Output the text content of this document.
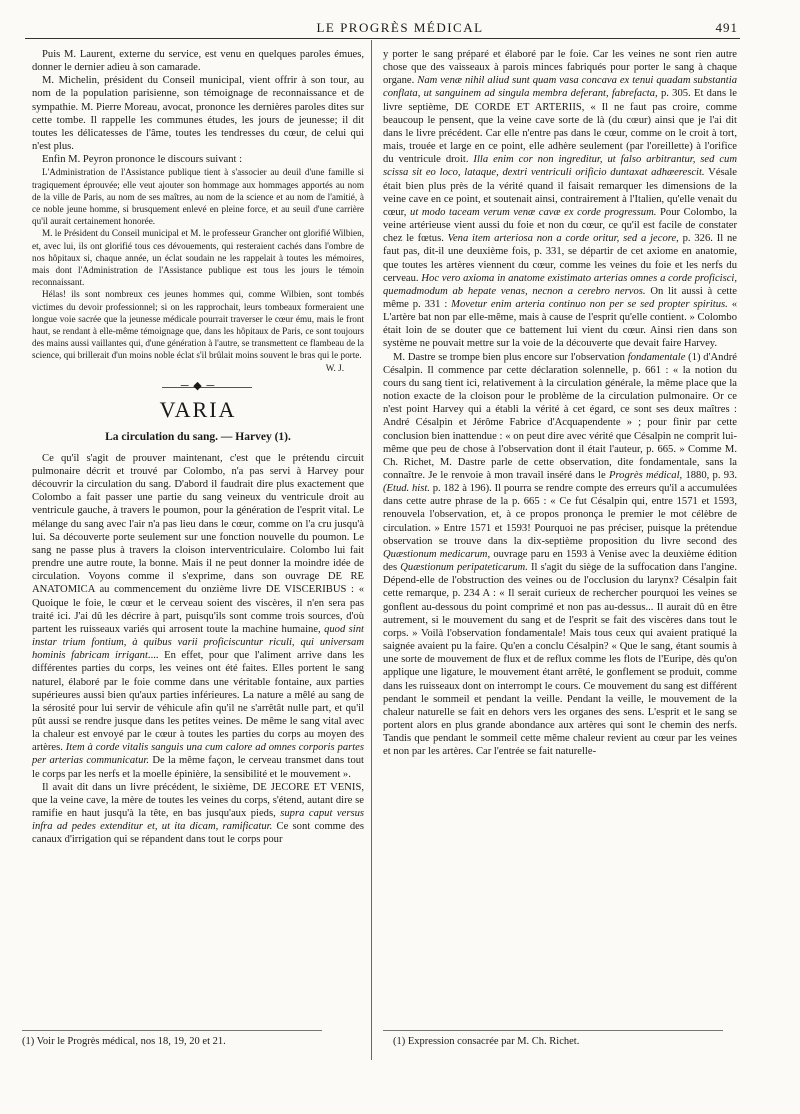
LE PROGRÈS MÉDICAL	491

Puis M. Laurent, externe du service, est venu en quelques paroles émues, donner le dernier adieu à son camarade.

M. Michelin, président du Conseil municipal, vient offrir à son tour, au nom de la population parisienne, son témoignage de reconnaissance et de sympathie. M. Pierre Moreau, avocat, prononce les dernières paroles dites sur cette tombe. Il rappelle les communes études, les jours de jeunesse; il dit toutes les délicatesses de l'âme, toutes les tendresses du cœur, de celui qui n'est plus.

Enfin M. Peyron prononce le discours suivant :

L'Administration de l'Assistance publique tient à s'associer au deuil d'une famille si tragiquement éprouvée; elle veut ajouter son hommage aux hommages apportés au nom de la ville de Paris, au nom de ses maîtres, au nom de la science et au nom de l'amitié, à ce noble jeune homme, si brusquement enlevé en pleine force, et au seuil d'une carrière qu'il aurait certainement honorée.

M. le Président du Conseil municipal et M. le professeur Grancher ont glorifié Wilbien, et, avec lui, ils ont glorifié tous ces dévouements, qui resteraient cachés dans l'ombre de nos hôpitaux si, chaque année, un éclat soudain ne les rappelait à toutes les mémoires, mais dont l'Administration de l'Assistance publique est tous les jours le témoin reconnaissant.

Hélas! ils sont nombreux ces jeunes hommes qui, comme Wilbien, sont tombés victimes du devoir professionnel; si on les rapprochait, leurs tombeaux formeraient une longue voie sacrée que la jeunesse médicale pourrait traverser le cœur ému, mais le front haut, se rendant à elle-même témoignage que, dans les hôpitaux de Paris, ce sont toujours des mains aussi vaillantes qui, d'une génération à l'autre, se transmettent ce flambeau de la science, qui brillerait d'un moins noble éclat s'il brûlait moins souvent le bras qui le porte.
W. J.

─ ◆ ─
VARIA
La circulation du sang. — Harvey (1).

Ce qu'il s'agit de prouver maintenant, c'est que le prétendu circuit pulmonaire décrit et trouvé par Colombo, n'a pas servi à Harvey pour découvrir la circulation du sang. D'abord il faudrait dire plus exactement que Colombo a fait passer une partie du sang veineux du ventricule droit au ventricule gauche, à travers le poumon, pour la génération de l'esprit vital. Le mélange du sang avec l'air n'a pas lieu dans le cœur, comme on l'a cru jusqu'à lui. Sa découverte porte seulement sur une fonction nouvelle du poumon. Le sang ne passe plus à travers la cloison interventriculaire. Colombo lui fait prendre une autre route, la bonne. Mais il ne peut donner la moindre idée de circulation. Voyons comme il s'exprime, dans son ouvrage DE RE ANATOMICA au commencement du onzième livre DE VISCERIBUS : « Quoique le foie, le cœur et le cerveau soient des viscères, il n'en sera pas traité ici. J'ai dû les décrire à part, puisqu'ils sont comme trois sources, d'où partent les ruisseaux variés qui arrosent toute la machine humaine, quod sint instar trium fontium, à quibus varii proficiscuntur riculi, qui universam hominis fabricam irrigant.... En effet, pour que l'aliment arrive dans les différentes parties du corps, les veines ont été faites. Elles portent le sang naturel, élaboré par le foie comme dans une véritable fontaine, aux parties supérieures aussi bien qu'aux parties inférieures. La nature a mêlé au sang de la sérosité pour lui servir de véhicule afin qu'il ne s'arrêtât nulle part, et qu'il pût aussi se rendre jusque dans les petites veines. De même le sang vital avec la chaleur est envoyé par le cœur à toutes les parties du corps au moyen des artères. Item à corde vitalis sanguis una cum calore ad omnes corporis partes per arterias communicatur. De la même façon, le cerveau transmet dans tout le corps par les nerfs et la moelle épinière, la sensibilité et le mouvement ».

Il avait dit dans un livre précédent, le sixième, DE JECORE ET VENIS, que la veine cave, la mère de toutes les veines du corps, s'étend, autant dire se ramifie en haut jusqu'à la tête, en bas jusqu'aux pieds, supra caput versus infra ad pedes extenditur et, ut ita dicam, ramificatur. Ce sont comme des canaux d'irrigation qui se répandent dans tout le corps pour

y porter le sang préparé et élaboré par le foie. Car les veines ne sont rien autre chose que des vaisseaux à parois minces fabriqués pour porter le sang à chaque organe. Nam venæ nihil aliud sunt quam vasa concava ex tenui quadam substantia conflata, ut sanguinem ad singula membra deferant, fabrefacta, p. 305. Et dans le livre septième, DE CORDE ET ARTERIIS, « Il ne faut pas croire, comme beaucoup le pensent, que la veine cave sorte de là (du cœur) ainsi que je l'ai dit dans le livre précédent. Car elle n'entre pas dans le cœur, comme on le croit à tort, mais, trouée et large en ce point, elle adhère seulement (par l'oreillette) à l'orifice du ventricule droit. Illa enim cor non ingreditur, ut falso arbitrantur, sed cum scissa sit eo loco, lataque, dextri ventriculi orificio duntaxat adhæerescit. Vésale était bien plus près de la vérité quand il faisait remarquer les dimensions de la veine cave en ce point, et soutenait ainsi, contrairement à l'Italien, qu'elle venait du cœur, ut modo taceam verum venæ cavæ ex corde progressum. Pour Colombo, la veine artérieuse vient aussi du foie et non du cœur, ce qu'il est facile de constater chez le fœtus. Vena item arteriosa non a corde oritur, sed a jecore, p. 326. Il ne faut pas, dit-il une deuxième fois, p. 331, se départir de cet axiome en anatomie, que toutes les artères viennent du cœur, comme les veines du foie et les nerfs du cerveau. Hoc vero axioma in anatome existimato arterias omnes a corde proficisci, quemadmodum ab hepate venas, necnon a cerebro nervos. On lit aussi à cette même p. 331 : Movetur enim arteria continuo non per se sed propter spiritus. « L'artère bat non par elle-même, mais à cause de l'esprit qu'elle contient. » Colombo était loin de se douter que ce battement lui vient du cœur. Ainsi rien dans son système ne pouvait mettre sur la voie de la découverte que devait faire Harvey.

M. Dastre se trompe bien plus encore sur l'observation fondamentale (1) d'André Césalpin. Il commence par cette déclaration solennelle, p. 661 : « la notion du cours du sang tient ici, relativement à la circulation générale, la même place que la notion exacte de la cloison pour le problème de la circulation pulmonaire. Or ce n'est point Harvey qui a établi la vérité à cet égard, ce sont ses deux maîtres : André Césalpin et Jérôme Fabrice d'Acquapendente » ; pour finir par cette conclusion bien inattendue : « on peut dire avec vérité que Césalpin ne comprit lui-même que peu de chose à l'observation dont il était l'auteur, p. 665. » Comme M. Ch. Richet, M. Dastre parle de cette observation, dite fondamentale, sans la connaître. Je le renvoie à mon travail inséré dans le Progrès médical, 1880, p. 93. (Etud. hist. p. 182 à 196). Il pourra se rendre compte des erreurs qu'il a accumulées dans cette autre phrase de la p. 665 : « Ce fut Césalpin qui, entre 1571 et 1593, renouvela l'observation, et, à ce propos prononça le premier le mot célèbre de circulation. » Entre 1571 et 1593! Pourquoi ne pas préciser, puisque la prétendue observation se trouve dans la dix-septième proposition du livre second des Quæstionum medicarum, ouvrage paru en 1593 à Venise avec la deuxième édition des Quæstionum peripateticarum. Il s'agit du siège de la suffocation dans l'angine. Dépend-elle de l'obstruction des veines ou de l'occlusion du larynx? Césalpin fait cette remarque, p. 234 A : « Il serait curieux de rechercher pourquoi les veines se gonflent au-dessous du point comprimé et non pas au-dessus... Il aurait dû en être autrement, si le mouvement du sang et de l'esprit se fait des viscères dans tout le corps. » Voilà l'observation fondamentale! Mais tous ceux qui avaient pratiqué la saignée avaient pu la faire. Qu'en a conclu Césalpin? « Que le sang, étant soumis à une sorte de mouvement de flux et de reflux comme les flots de l'Euripe, dès qu'on applique une ligature, le mouvement étant arrêté, le gonflement se produit, comme dans les ruisseaux dont on interrompt le cours. Ce mouvement du sang est différent pendant le sommeil et pendant la veille. Pendant la veille, le mouvement de la chaleur naturelle se fait en dehors vers les organes des sens. L'esprit et le sang se portent alors en plus grande abondance aux artères qui sont le chemin des nerfs. Tandis que pendant le sommeil cette même chaleur revient au cœur par les veines et non par les artères. Car l'entrée se fait naturelle-

(1) Voir le Progrès médical, nos 18, 19, 20 et 21.	(1) Expression consacrée par M. Ch. Richet.
